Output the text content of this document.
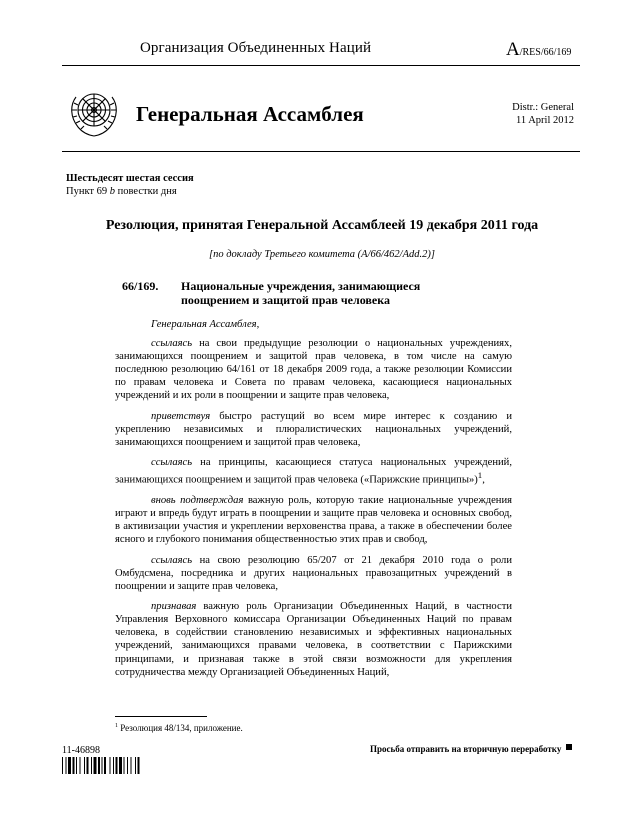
Организация Объединенных Наций	A/RES/66/169
Генеральная Ассамблея	Distr.: General
11 April 2012
Шестьдесят шестая сессия
Пункт 69 b повестки дня
Резолюция, принятая Генеральной Ассамблеей 19 декабря 2011 года
[по докладу Третьего комитета (A/66/462/Add.2)]
66/169. Национальные учреждения, занимающиеся поощрением и защитой прав человека

Генеральная Ассамблея,

ссылаясь на свои предыдущие резолюции о национальных учреждениях, занимающихся поощрением и защитой прав человека, в том числе на самую последнюю резолюцию 64/161 от 18 декабря 2009 года, а также резолюции Комиссии по правам человека и Совета по правам человека, касающиеся национальных учреждений и их роли в поощрении и защите прав человека,

приветствуя быстро растущий во всем мире интерес к созданию и укреплению независимых и плюралистических национальных учреждений, занимающихся поощрением и защитой прав человека,

ссылаясь на принципы, касающиеся статуса национальных учреждений, занимающихся поощрением и защитой прав человека («Парижские принципы»)$^1$,

вновь подтверждая важную роль, которую такие национальные учреждения играют и впредь будут играть в поощрении и защите прав человека и основных свобод, в активизации участия и укреплении верховенства права, а также в обеспечении более ясного и глубокого понимания общественностью этих прав и свобод,

ссылаясь на свою резолюцию 65/207 от 21 декабря 2010 года о роли Омбудсмена, посредника и других национальных правозащитных учреждений в поощрении и защите прав человека,

признавая важную роль Организации Объединенных Наций, в частности Управления Верховного комиссара Организации Объединенных Наций по правам человека, в содействии становлению независимых и эффективных национальных учреждений, занимающихся правами человека, в соответствии с Парижскими принципами, и признавая также в этой связи возможности для укрепления сотрудничества между Организацией Объединенных Наций,

$^1$ Резолюция 48/134, приложение.
11-46898	Просьба отправить на вторичную переработку
